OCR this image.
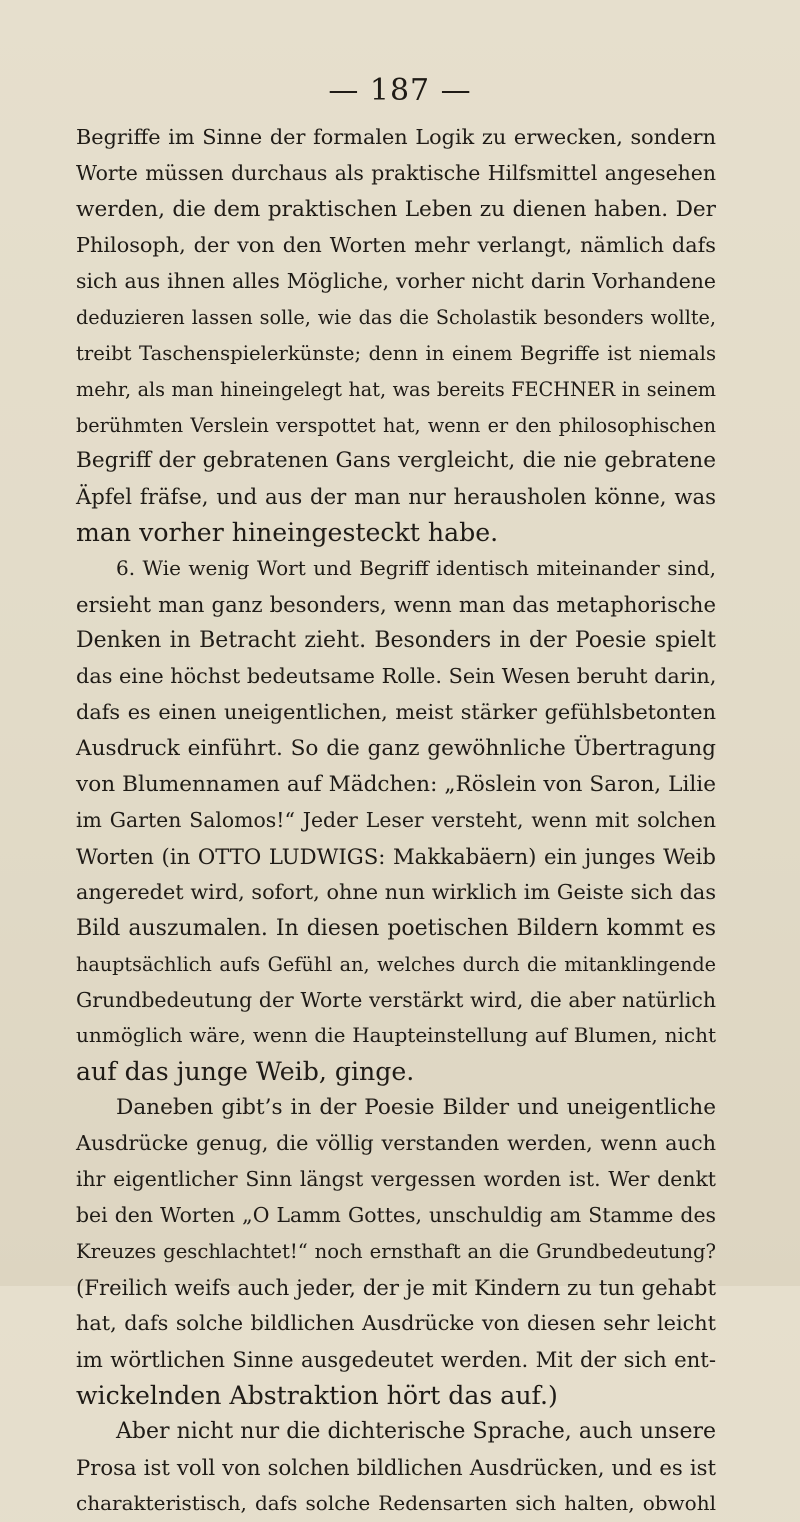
— 187 —
Begriffe im Sinne der formalen Logik zu erwecken, sondern
Worte müssen durchaus als praktische Hilfsmittel angesehen
werden, die dem praktischen Leben zu dienen haben. Der
Philosoph, der von den Worten mehr verlangt, nämlich dafs
sich aus ihnen alles Mögliche, vorher nicht darin Vorhandene
deduzieren lassen solle, wie das die Scholastik besonders wollte,
treibt Taschenspielerkünste; denn in einem Begriffe ist niemals
mehr, als man hineingelegt hat, was bereits FECHNER in seinem
berühmten Verslein verspottet hat, wenn er den philosophischen
Begriff der gebratenen Gans vergleicht, die nie gebratene
Äpfel fräfse, und aus der man nur herausholen könne, was
man vorher hineingesteckt habe.
6. Wie wenig Wort und Begriff identisch miteinander sind,
ersieht man ganz besonders, wenn man das metaphorische
Denken in Betracht zieht. Besonders in der Poesie spielt
das eine höchst bedeutsame Rolle. Sein Wesen beruht darin,
dafs es einen uneigentlichen, meist stärker gefühlsbetonten
Ausdruck einführt. So die ganz gewöhnliche Übertragung
von Blumennamen auf Mädchen: „Röslein von Saron, Lilie
im Garten Salomos!“ Jeder Leser versteht, wenn mit solchen
Worten (in OTTO LUDWIGS: Makkabäern) ein junges Weib
angeredet wird, sofort, ohne nun wirklich im Geiste sich das
Bild auszumalen. In diesen poetischen Bildern kommt es
hauptsächlich aufs Gefühl an, welches durch die mitanklingende
Grundbedeutung der Worte verstärkt wird, die aber natürlich
unmöglich wäre, wenn die Haupteinstellung auf Blumen, nicht
auf das junge Weib, ginge.
Daneben gibt’s in der Poesie Bilder und uneigentliche
Ausdrücke genug, die völlig verstanden werden, wenn auch
ihr eigentlicher Sinn längst vergessen worden ist. Wer denkt
bei den Worten „O Lamm Gottes, unschuldig am Stamme des
Kreuzes geschlachtet!“ noch ernsthaft an die Grundbedeutung?
(Freilich weifs auch jeder, der je mit Kindern zu tun gehabt
hat, dafs solche bildlichen Ausdrücke von diesen sehr leicht
im wörtlichen Sinne ausgedeutet werden. Mit der sich ent-
wickelnden Abstraktion hört das auf.)
Aber nicht nur die dichterische Sprache, auch unsere
Prosa ist voll von solchen bildlichen Ausdrücken, und es ist
charakteristisch, dafs solche Redensarten sich halten, obwohl
